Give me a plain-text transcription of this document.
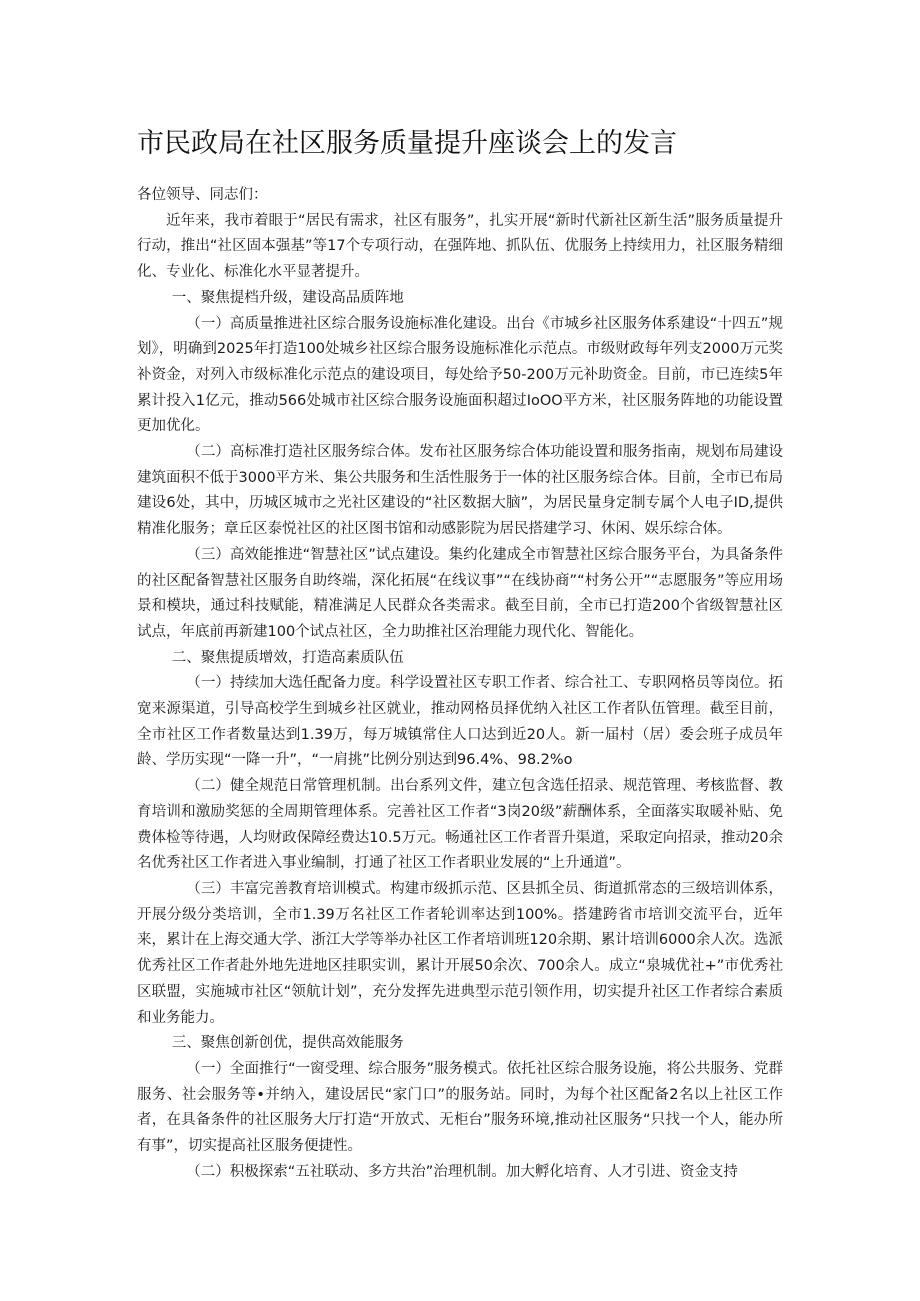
市民政局在社区服务质量提升座谈会上的发言

各位领导、同志们：

近年来，我市着眼于“居民有需求，社区有服务”，扎实开展“新时代新社区新生活”服务质量提升行动，推出“社区固本强基”等17个专项行动，在强阵地、抓队伍、优服务上持续用力，社区服务精细化、专业化、标准化水平显著提升。

一、聚焦提档升级，建设高品质阵地

（一）高质量推进社区综合服务设施标准化建设。出台《市城乡社区服务体系建设“十四五”规划》，明确到2025年打造100处城乡社区综合服务设施标准化示范点。市级财政每年列支2000万元奖补资金，对列入市级标准化示范点的建设项目，每处给予50-200万元补助资金。目前，市已连续5年累计投入1亿元，推动566处城市社区综合服务设施面积超过IoOO平方米，社区服务阵地的功能设置更加优化。

（二）高标准打造社区服务综合体。发布社区服务综合体功能设置和服务指南，规划布局建设建筑面积不低于3000平方米、集公共服务和生活性服务于一体的社区服务综合体。目前，全市已布局建设6处，其中，历城区城市之光社区建设的“社区数据大脑”，为居民量身定制专属个人电子ID,提供精准化服务；章丘区泰悦社区的社区图书馆和动感影院为居民搭建学习、休闲、娱乐综合体。

（三）高效能推进“智慧社区”试点建设。集约化建成全市智慧社区综合服务平台，为具备条件的社区配备智慧社区服务自助终端，深化拓展“在线议事”“在线协商”“村务公开”“志愿服务”等应用场景和模块，通过科技赋能，精准满足人民群众各类需求。截至目前，全市已打造200个省级智慧社区试点，年底前再新建100个试点社区，全力助推社区治理能力现代化、智能化。

二、聚焦提质增效，打造高素质队伍

（一）持续加大选任配备力度。科学设置社区专职工作者、综合社工、专职网格员等岗位。拓宽来源渠道，引导高校学生到城乡社区就业，推动网格员择优纳入社区工作者队伍管理。截至目前，全市社区工作者数量达到1.39万，每万城镇常住人口达到近20人。新一届村（居）委会班子成员年龄、学历实现“一降一升”，“一肩挑”比例分别达到96.4%、98.2%o

（二）健全规范日常管理机制。出台系列文件，建立包含选任招录、规范管理、考核监督、教育培训和激励奖惩的全周期管理体系。完善社区工作者“3岗20级”薪酬体系，全面落实取暖补贴、免费体检等待遇，人均财政保障经费达10.5万元。畅通社区工作者晋升渠道，采取定向招录，推动20余名优秀社区工作者进入事业编制，打通了社区工作者职业发展的“上升通道”。

（三）丰富完善教育培训模式。构建市级抓示范、区县抓全员、街道抓常态的三级培训体系，开展分级分类培训，全市1.39万名社区工作者轮训率达到100%。搭建跨省市培训交流平台，近年来，累计在上海交通大学、浙江大学等举办社区工作者培训班120余期、累计培训6000余人次。选派优秀社区工作者赴外地先进地区挂职实训，累计开展50余次、700余人。成立“泉城优社+”市优秀社区联盟，实施城市社区“领航计划”，充分发挥先进典型示范引领作用，切实提升社区工作者综合素质和业务能力。

三、聚焦创新创优，提供高效能服务

（一）全面推行“一窗受理、综合服务”服务模式。依托社区综合服务设施，将公共服务、党群服务、社会服务等•并纳入，建设居民“家门口”的服务站。同时，为每个社区配备2名以上社区工作者，在具备条件的社区服务大厅打造“开放式、无柜台”服务环境,推动社区服务“只找一个人，能办所有事”，切实提高社区服务便捷性。

（二）积极探索“五社联动、多方共治”治理机制。加大孵化培育、人才引进、资金支持
